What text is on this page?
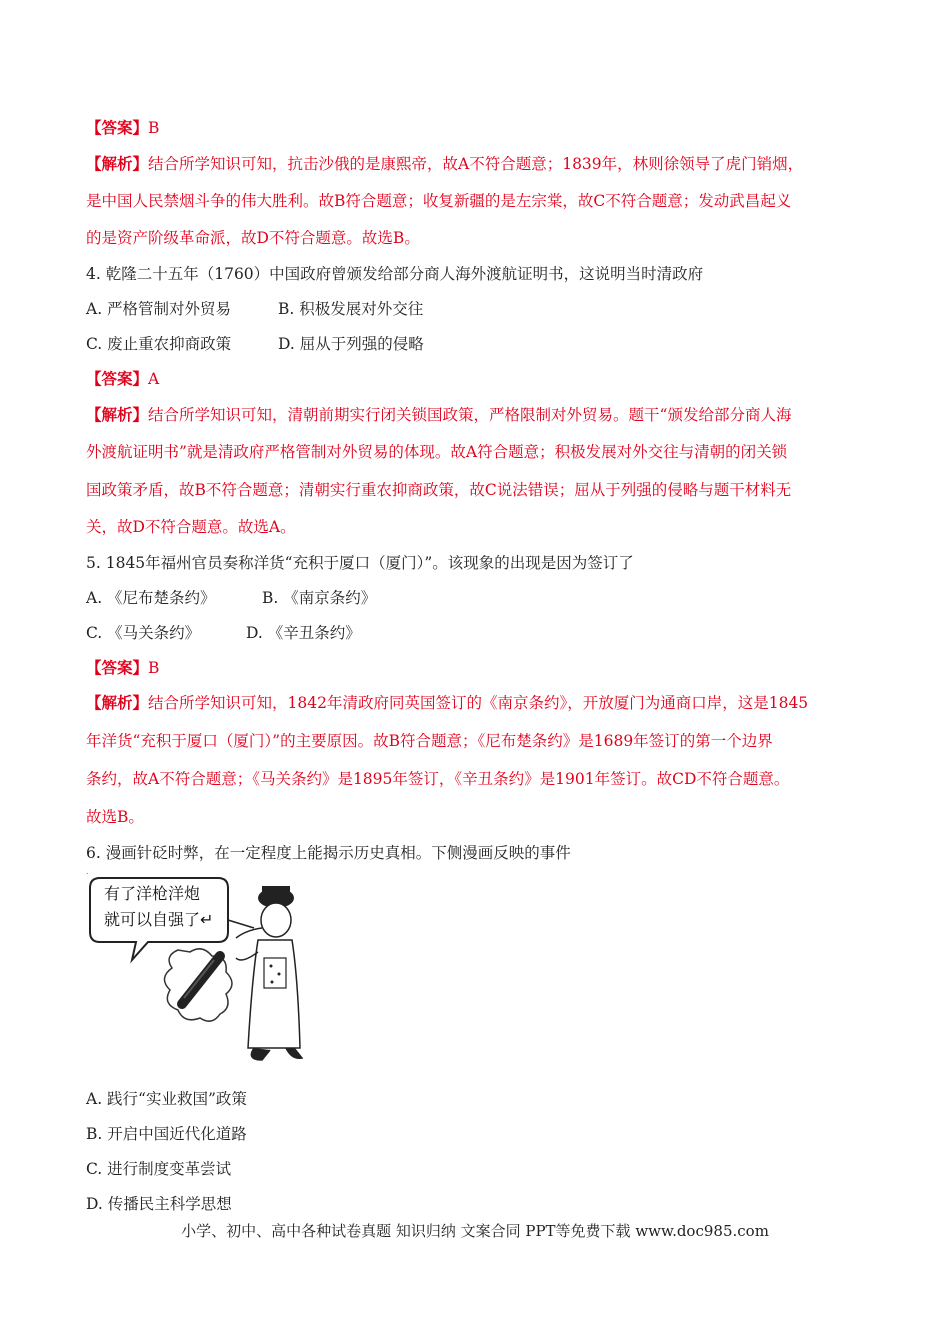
【答案】B
【解析】结合所学知识可知，抗击沙俄的是康熙帝，故A不符合题意；1839年，林则徐领导了虎门销烟，
是中国人民禁烟斗争的伟大胜利。故B符合题意；收复新疆的是左宗棠，故C不符合题意；发动武昌起义
的是资产阶级革命派，故D不符合题意。故选B。
4. 乾隆二十五年（1760）中国政府曾颁发给部分商人海外渡航证明书，这说明当时清政府
A. 严格管制对外贸易	B. 积极发展对外交往
C. 废止重农抑商政策	D. 屈从于列强的侵略
【答案】A
【解析】结合所学知识可知，清朝前期实行闭关锁国政策，严格限制对外贸易。题干“颁发给部分商人海
外渡航证明书”就是清政府严格管制对外贸易的体现。故A符合题意；积极发展对外交往与清朝的闭关锁
国政策矛盾，故B不符合题意；清朝实行重农抑商政策，故C说法错误；屈从于列强的侵略与题干材料无
关，故D不符合题意。故选A。
5. 1845年福州官员奏称洋货“充积于厦口（厦门）”。该现象的出现是因为签订了
A. 《尼布楚条约》	B. 《南京条约》
C. 《马关条约》	D. 《辛丑条约》
【答案】B
【解析】结合所学知识可知，1842年清政府同英国签订的《南京条约》，开放厦门为通商口岸，这是1845
年洋货“充积于厦口（厦门）”的主要原因。故B符合题意；《尼布楚条约》是1689年签订的第一个边界
条约，故A不符合题意；《马关条约》是1895年签订，《辛丑条约》是1901年签订。故CD不符合题意。
故选B。
6. 漫画针砭时弊，在一定程度上能揭示历史真相。下侧漫画反映的事件
.
有了洋枪洋炮
就可以自强了↵
A. 践行“实业救国”政策
B. 开启中国近代化道路
C. 进行制度变革尝试
D. 传播民主科学思想
小学、初中、高中各种试卷真题 知识归纳 文案合同 PPT等免费下载 www.doc985.com
